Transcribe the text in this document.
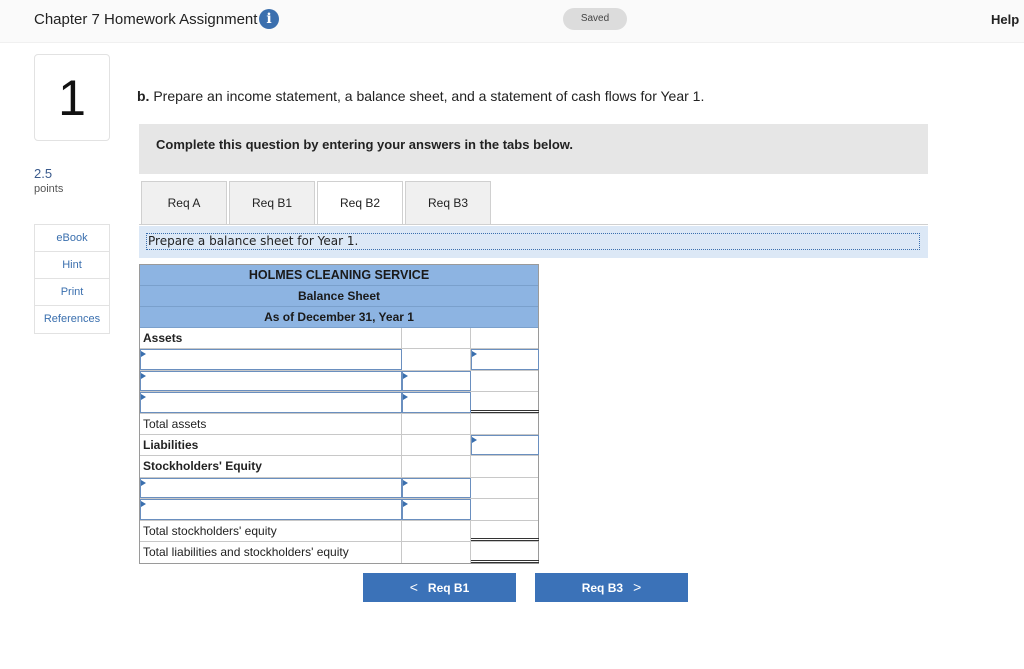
Chapter 7 Homework Assignment i	Saved	Help
1
2.5
points
eBook
Hint
Print
References
b. Prepare an income statement, a balance sheet, and a statement of cash flows for Year 1.
Complete this question by entering your answers in the tabs below.
Req A	Req B1	Req B2	Req B3
Prepare a balance sheet for Year 1.
HOLMES CLEANING SERVICE
Balance Sheet
As of December 31, Year 1
Assets
Total assets
Liabilities
Stockholders' Equity
Total stockholders' equity
Total liabilities and stockholders' equity
< Req B1	Req B3 >
